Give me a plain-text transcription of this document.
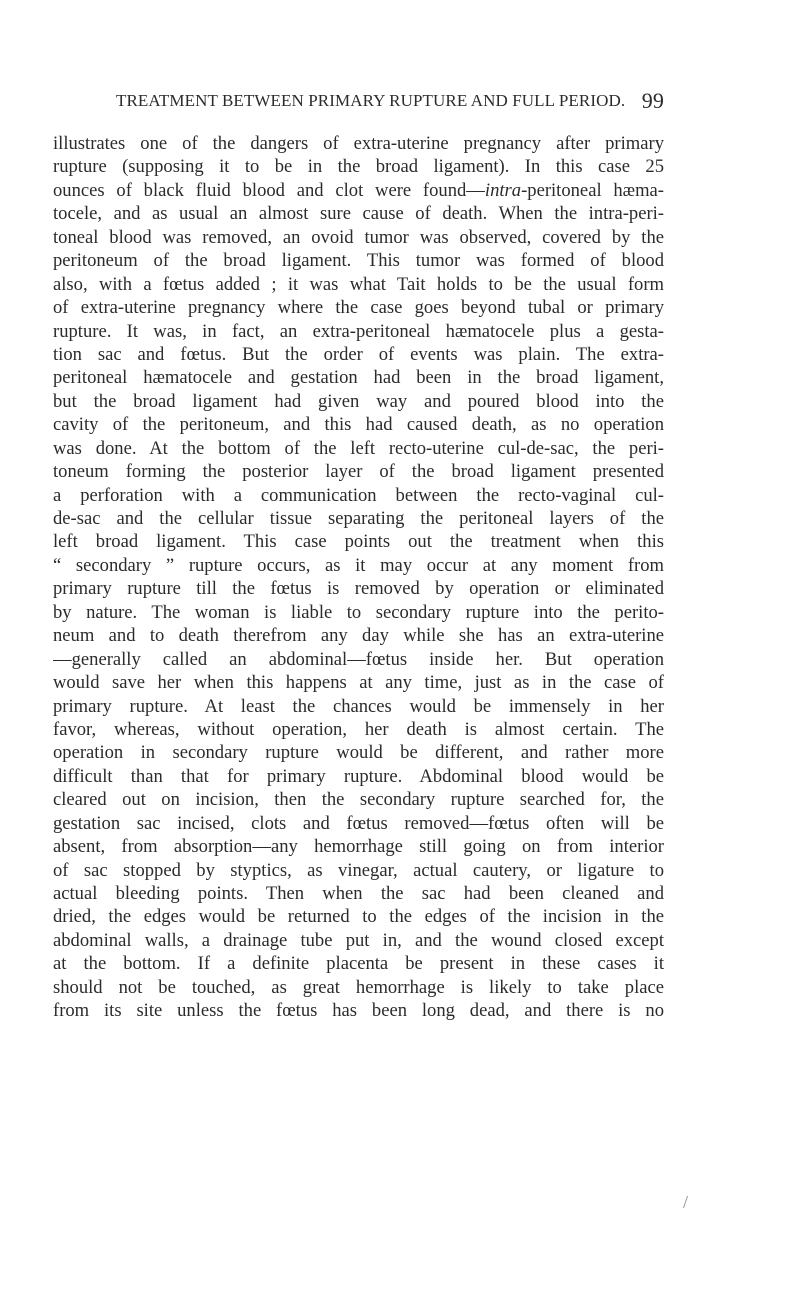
TREATMENT BETWEEN PRIMARY RUPTURE AND FULL PERIOD. 99
illustrates one of the dangers of extra-uterine pregnancy after primary
rupture (supposing it to be in the broad ligament). In this case 25
ounces of black fluid blood and clot were found—intra-peritoneal hæma-
tocele, and as usual an almost sure cause of death. When the intra-peri-
toneal blood was removed, an ovoid tumor was observed, covered by the
peritoneum of the broad ligament. This tumor was formed of blood
also, with a fœtus added ; it was what Tait holds to be the usual form
of extra-uterine pregnancy where the case goes beyond tubal or primary
rupture. It was, in fact, an extra-peritoneal hæmatocele plus a gesta-
tion sac and fœtus. But the order of events was plain. The extra-
peritoneal hæmatocele and gestation had been in the broad ligament,
but the broad ligament had given way and poured blood into the
cavity of the peritoneum, and this had caused death, as no operation
was done. At the bottom of the left recto-uterine cul-de-sac, the peri-
toneum forming the posterior layer of the broad ligament presented
a perforation with a communication between the recto-vaginal cul-
de-sac and the cellular tissue separating the peritoneal layers of the
left broad ligament. This case points out the treatment when this
“ secondary ” rupture occurs, as it may occur at any moment from
primary rupture till the fœtus is removed by operation or eliminated
by nature. The woman is liable to secondary rupture into the perito-
neum and to death therefrom any day while she has an extra-uterine
—generally called an abdominal—fœtus inside her. But operation
would save her when this happens at any time, just as in the case of
primary rupture. At least the chances would be immensely in her
favor, whereas, without operation, her death is almost certain. The
operation in secondary rupture would be different, and rather more
difficult than that for primary rupture. Abdominal blood would be
cleared out on incision, then the secondary rupture searched for, the
gestation sac incised, clots and fœtus removed—fœtus often will be
absent, from absorption—any hemorrhage still going on from interior
of sac stopped by styptics, as vinegar, actual cautery, or ligature to
actual bleeding points. Then when the sac had been cleaned and
dried, the edges would be returned to the edges of the incision in the
abdominal walls, a drainage tube put in, and the wound closed except
at the bottom. If a definite placenta be present in these cases it
should not be touched, as great hemorrhage is likely to take place
from its site unless the fœtus has been long dead, and there is no
/
